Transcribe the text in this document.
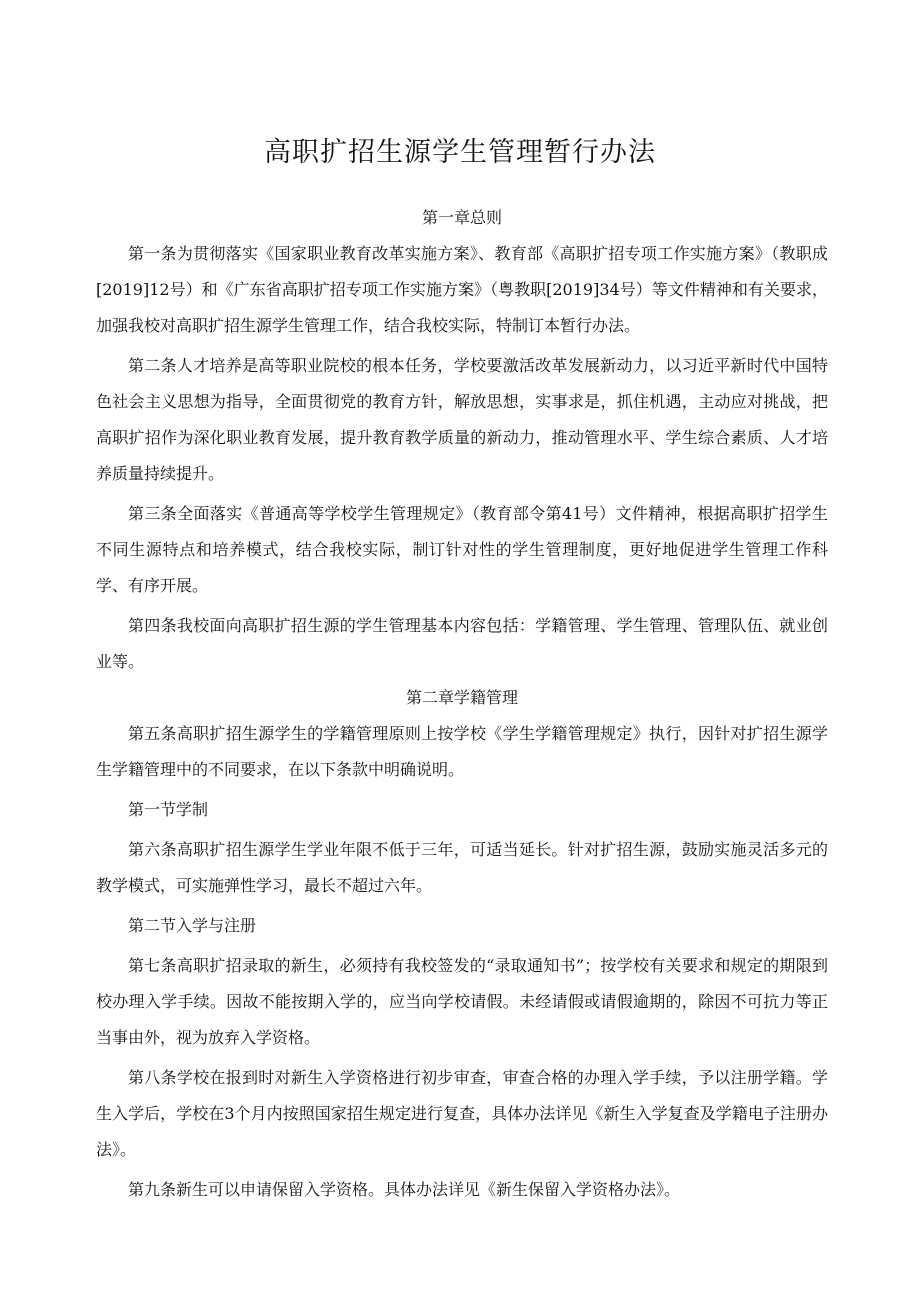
高职扩招生源学生管理暂行办法

第一章总则

第一条为贯彻落实《国家职业教育改革实施方案》、教育部《高职扩招专项工作实施方案》（教职成[2019]12号）和《广东省高职扩招专项工作实施方案》（粤教职[2019]34号）等文件精神和有关要求，加强我校对高职扩招生源学生管理工作，结合我校实际，特制订本暂行办法。

第二条人才培养是高等职业院校的根本任务，学校要激活改革发展新动力，以习近平新时代中国特色社会主义思想为指导，全面贯彻党的教育方针，解放思想，实事求是，抓住机遇，主动应对挑战，把高职扩招作为深化职业教育发展，提升教育教学质量的新动力，推动管理水平、学生综合素质、人才培养质量持续提升。

第三条全面落实《普通高等学校学生管理规定》（教育部令第41号）文件精神，根据高职扩招学生不同生源特点和培养模式，结合我校实际，制订针对性的学生管理制度，更好地促进学生管理工作科学、有序开展。

第四条我校面向高职扩招生源的学生管理基本内容包括：学籍管理、学生管理、管理队伍、就业创业等。

第二章学籍管理

第五条高职扩招生源学生的学籍管理原则上按学校《学生学籍管理规定》执行，因针对扩招生源学生学籍管理中的不同要求，在以下条款中明确说明。

第一节学制

第六条高职扩招生源学生学业年限不低于三年，可适当延长。针对扩招生源，鼓励实施灵活多元的教学模式，可实施弹性学习，最长不超过六年。

第二节入学与注册

第七条高职扩招录取的新生，必须持有我校签发的“录取通知书”；按学校有关要求和规定的期限到校办理入学手续。因故不能按期入学的，应当向学校请假。未经请假或请假逾期的，除因不可抗力等正当事由外，视为放弃入学资格。

第八条学校在报到时对新生入学资格进行初步审查，审查合格的办理入学手续，予以注册学籍。学生入学后，学校在3个月内按照国家招生规定进行复查，具体办法详见《新生入学复查及学籍电子注册办法》。

第九条新生可以申请保留入学资格。具体办法详见《新生保留入学资格办法》。
